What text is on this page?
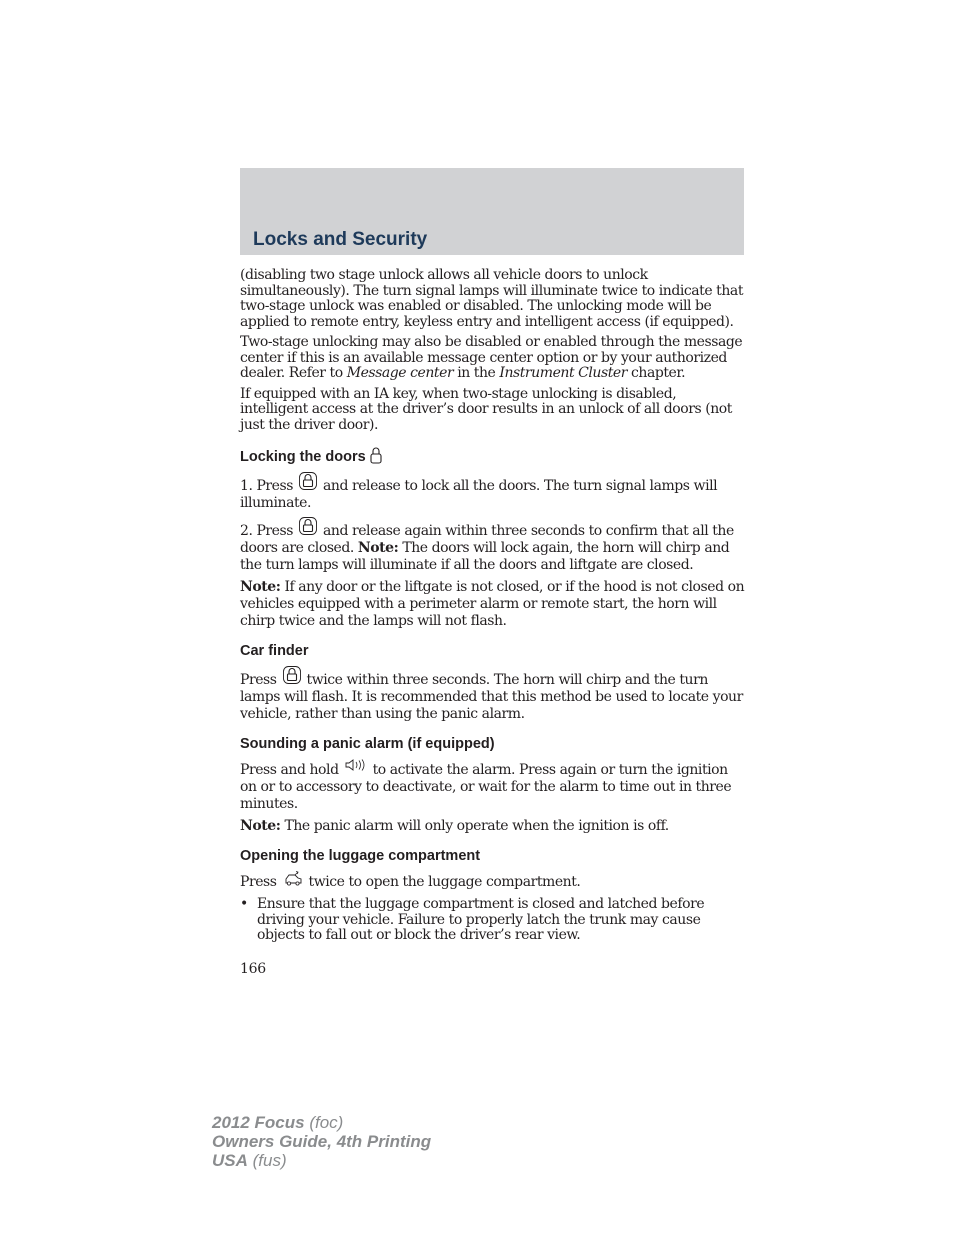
Locks and Security

(disabling two stage unlock allows all vehicle doors to unlock simultaneously). The turn signal lamps will illuminate twice to indicate that two-stage unlock was enabled or disabled. The unlocking mode will be applied to remote entry, keyless entry and intelligent access (if equipped).

Two-stage unlocking may also be disabled or enabled through the message center if this is an available message center option or by your authorized dealer. Refer to Message center in the Instrument Cluster chapter.

If equipped with an IA key, when two-stage unlocking is disabled, intelligent access at the driver’s door results in an unlock of all doors (not just the driver door).

Locking the doors

1. Press and release to lock all the doors. The turn signal lamps will illuminate.

2. Press and release again within three seconds to confirm that all the doors are closed. Note: The doors will lock again, the horn will chirp and the turn lamps will illuminate if all the doors and liftgate are closed.

Note: If any door or the liftgate is not closed, or if the hood is not closed on vehicles equipped with a perimeter alarm or remote start, the horn will chirp twice and the lamps will not flash.

Car finder

Press twice within three seconds. The horn will chirp and the turn lamps will flash. It is recommended that this method be used to locate your vehicle, rather than using the panic alarm.

Sounding a panic alarm (if equipped)

Press and hold to activate the alarm. Press again or turn the ignition on or to accessory to deactivate, or wait for the alarm to time out in three minutes.

Note: The panic alarm will only operate when the ignition is off.

Opening the luggage compartment

Press twice to open the luggage compartment.

• Ensure that the luggage compartment is closed and latched before driving your vehicle. Failure to properly latch the trunk may cause objects to fall out or block the driver’s rear view.
166
2012 Focus (foc)
Owners Guide, 4th Printing
USA (fus)
